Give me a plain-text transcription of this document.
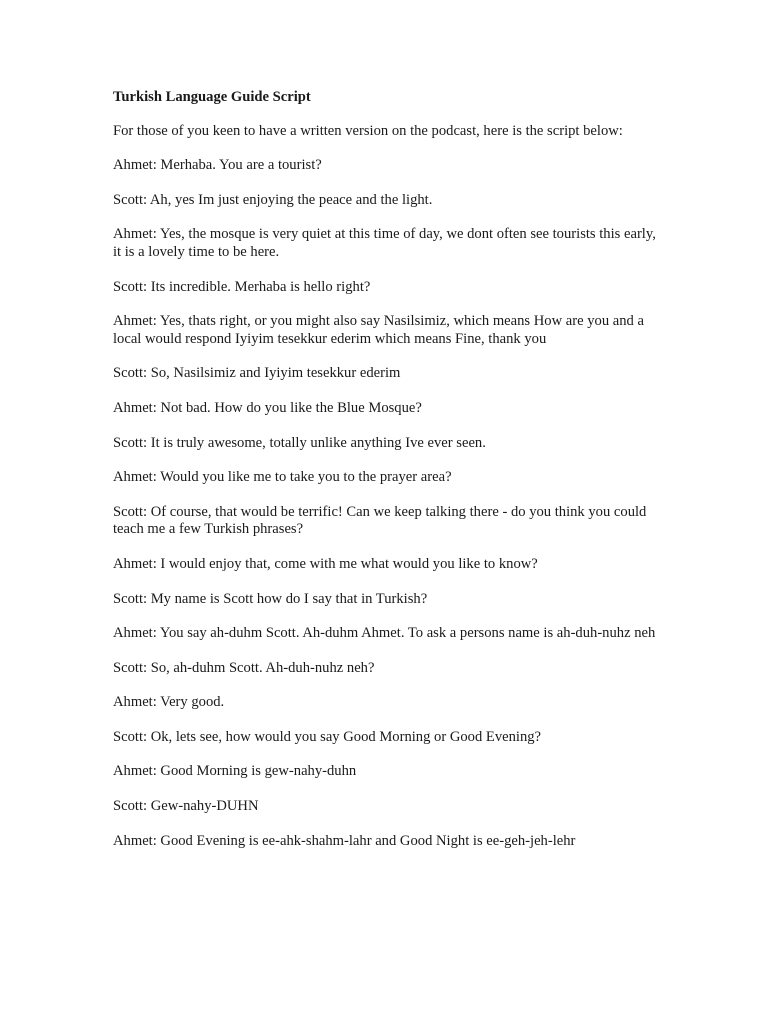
Turkish Language Guide Script
For those of you keen to have a written version on the podcast, here is the script below:
Ahmet: Merhaba. You are a tourist?
Scott: Ah, yes Im just enjoying the peace and the light.
Ahmet: Yes, the mosque is very quiet at this time of day, we dont often see tourists this early, it is a lovely time to be here.
Scott: Its incredible. Merhaba is hello right?
Ahmet: Yes, thats right, or you might also say Nasilsimiz, which means How are you and a local would respond Iyiyim tesekkur ederim which means Fine, thank you
Scott: So, Nasilsimiz and Iyiyim tesekkur ederim
Ahmet: Not bad. How do you like the Blue Mosque?
Scott: It is truly awesome, totally unlike anything Ive ever seen.
Ahmet: Would you like me to take you to the prayer area?
Scott: Of course, that would be terrific! Can we keep talking there - do you think you could teach me a few Turkish phrases?
Ahmet: I would enjoy that, come with me what would you like to know?
Scott: My name is Scott how do I say that in Turkish?
Ahmet: You say ah-duhm Scott. Ah-duhm Ahmet. To ask a persons name is ah-duh-nuhz neh
Scott: So, ah-duhm Scott. Ah-duh-nuhz neh?
Ahmet: Very good.
Scott: Ok, lets see, how would you say Good Morning or Good Evening?
Ahmet: Good Morning is gew-nahy-duhn
Scott: Gew-nahy-DUHN
Ahmet: Good Evening is ee-ahk-shahm-lahr and Good Night is ee-geh-jeh-lehr
